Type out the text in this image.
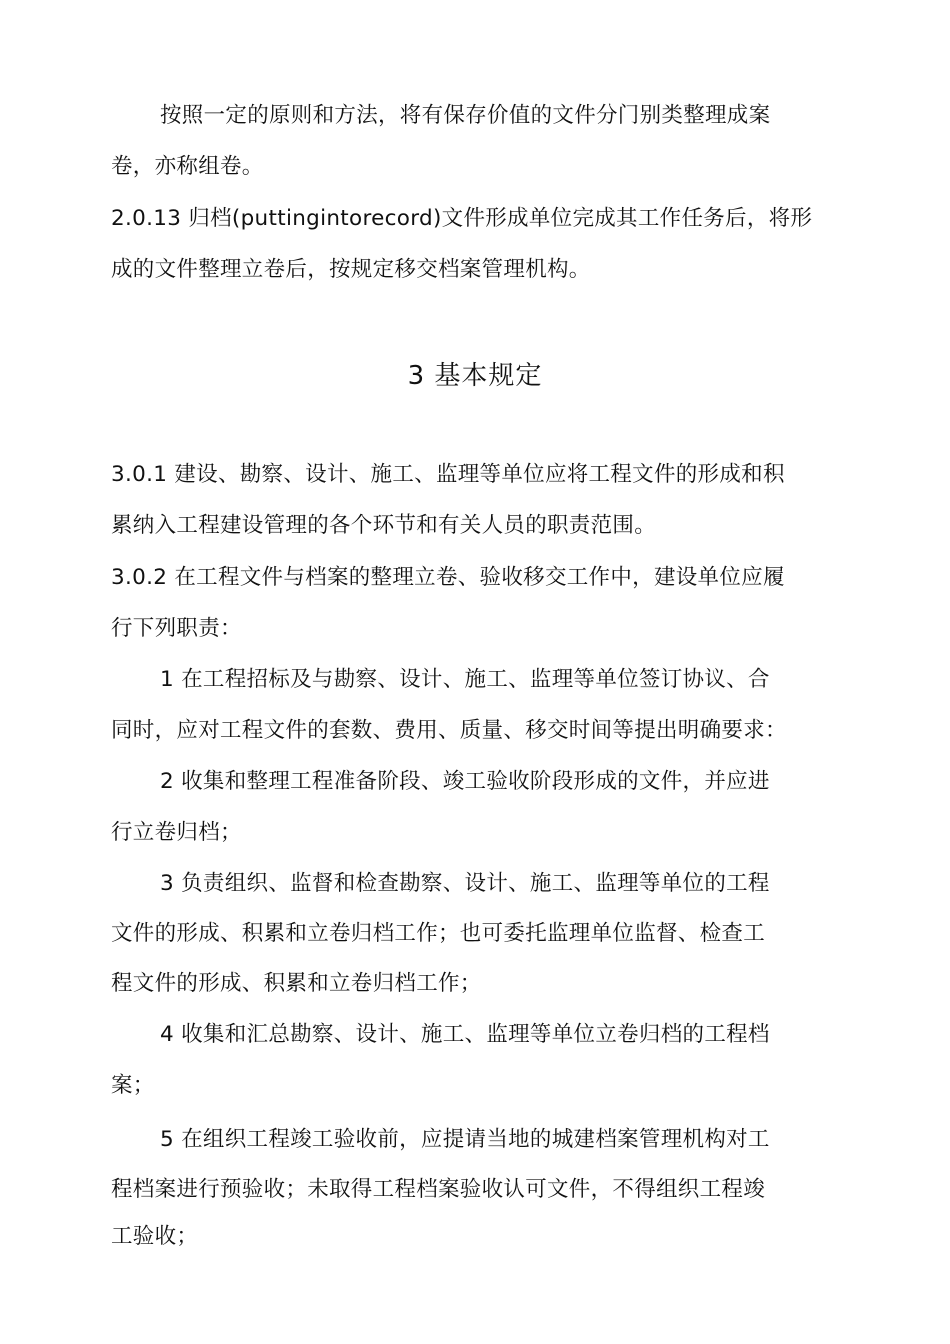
按照一定的原则和方法，将有保存价值的文件分门别类整理成案
卷，亦称组卷。
2.0.13 归档(puttingintorecord)文件形成单位完成其工作任务后，将形
成的文件整理立卷后，按规定移交档案管理机构。
3 基本规定
3.0.1 建设、勘察、设计、施工、监理等单位应将工程文件的形成和积
累纳入工程建设管理的各个环节和有关人员的职责范围。
3.0.2 在工程文件与档案的整理立卷、验收移交工作中，建设单位应履
行下列职责：
1 在工程招标及与勘察、设计、施工、监理等单位签订协议、合
同时，应对工程文件的套数、费用、质量、移交时间等提出明确要求：
2 收集和整理工程准备阶段、竣工验收阶段形成的文件，并应进
行立卷归档；
3 负责组织、监督和检查勘察、设计、施工、监理等单位的工程
文件的形成、积累和立卷归档工作；也可委托监理单位监督、检查工
程文件的形成、积累和立卷归档工作；
4 收集和汇总勘察、设计、施工、监理等单位立卷归档的工程档
案；
5 在组织工程竣工验收前，应提请当地的城建档案管理机构对工
程档案进行预验收；未取得工程档案验收认可文件，不得组织工程竣
工验收；
